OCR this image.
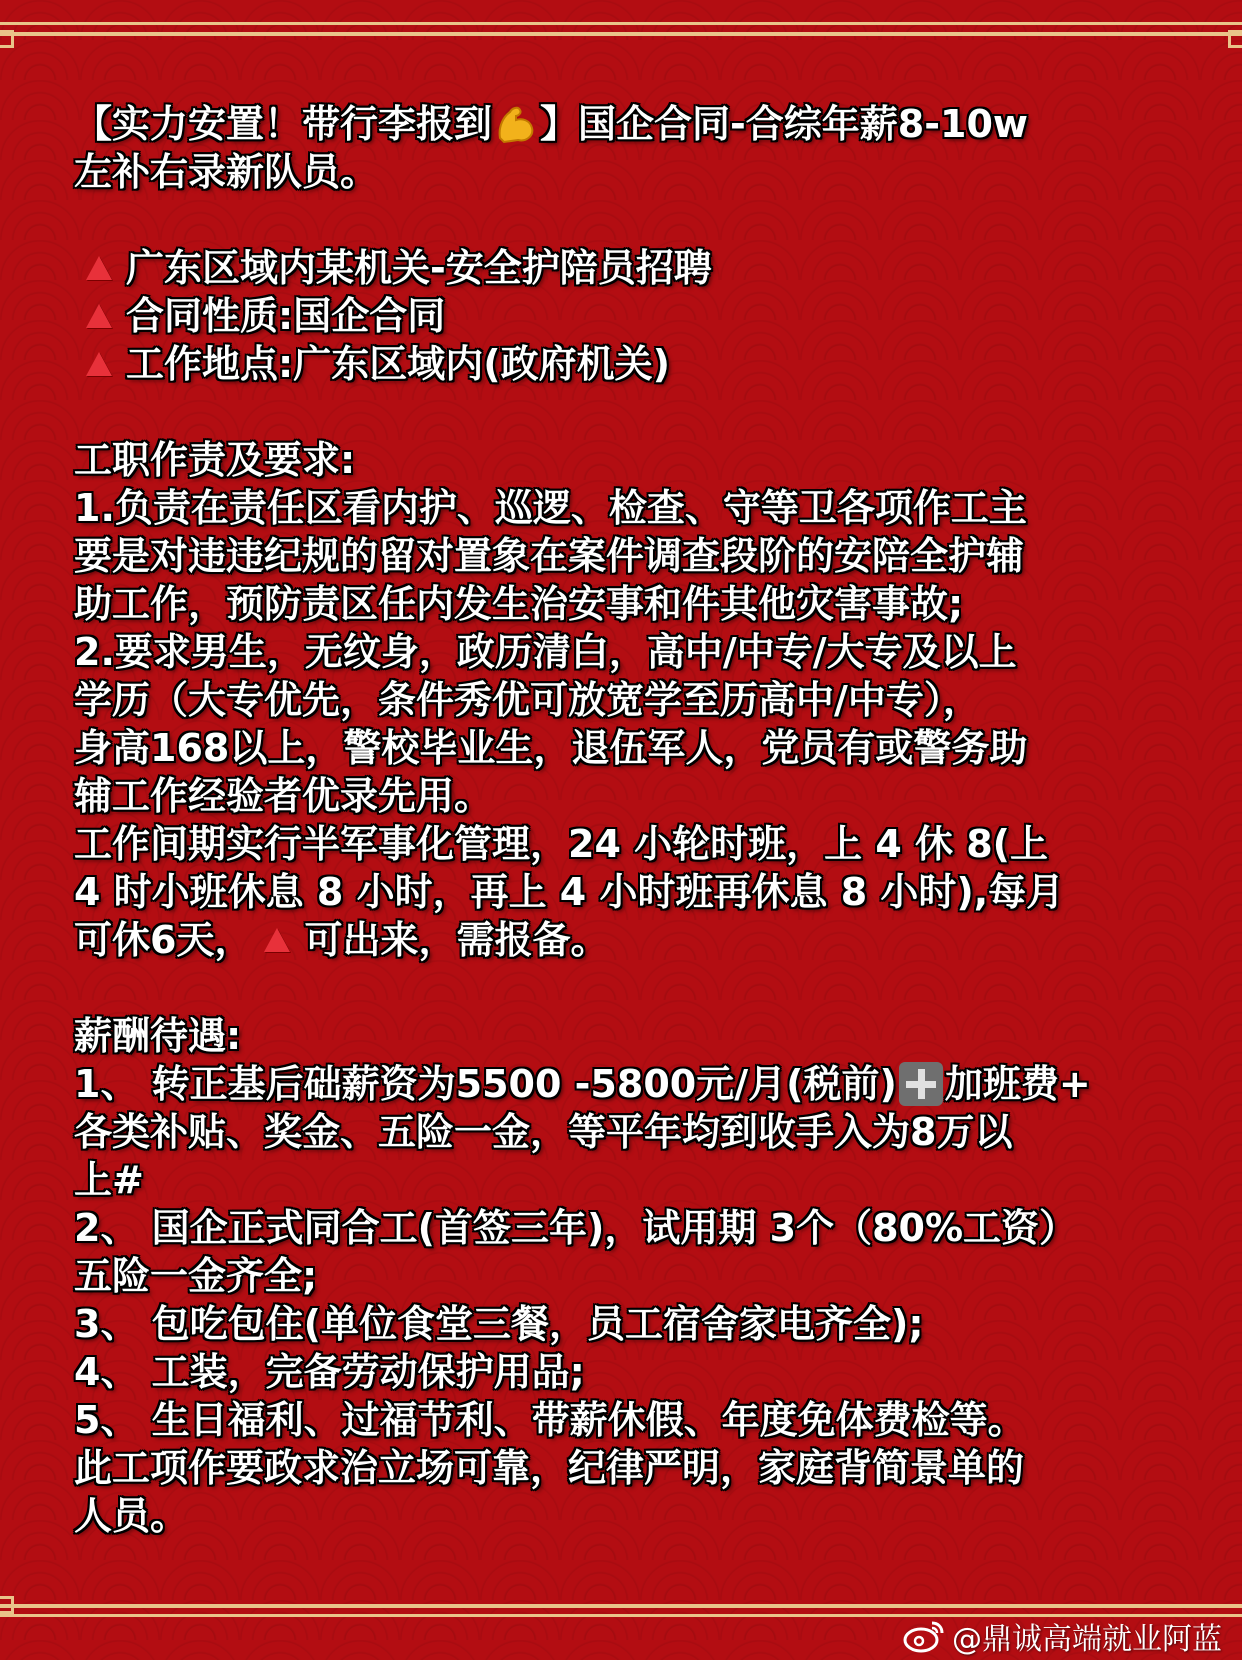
【实力安置！带行李报到 】国企合同-合综年薪8-10w
左补右录新队员。
广东区域内某机关-安全护陪员招聘
合同性质:国企合同
工作地点:广东区域内(政府机关)
工职作责及要求:
1.负责在责任区看内护、巡逻、检查、守等卫各项作工主
要是对违违纪规的留对置象在案件调查段阶的安陪全护辅
助工作，预防责区任内发生治安事和件其他灾害事故;
2.要求男生，无纹身，政历清白，高中/中专/大专及以上
学历（大专优先，条件秀优可放宽学至历高中/中专），
身高168以上，警校毕业生，退伍军人，党员有或警务助
辅工作经验者优录先用。
工作间期实行半军事化管理，24 小轮时班，上 4 休 8(上
4 时小班休息 8 小时，再上 4 小时班再休息 8 小时),每月
可休6天， 可出来，需报备。
薪酬待遇:
1、 转正基后础薪资为5500 -5800元/月(税前) 加班费+
各类补贴、奖金、五险一金，等平年均到收手入为8万以
上#
2、 国企正式同合工(首签三年)，试用期 3个（80%工资）
五险一金齐全;
3、 包吃包住(单位食堂三餐，员工宿舍家电齐全);
4、 工装，完备劳动保护用品;
5、 生日福利、过福节利、带薪休假、年度免体费检等。
此工项作要政求治立场可靠，纪律严明，家庭背简景单的
人员。
@鼎诚高端就业阿蓝
